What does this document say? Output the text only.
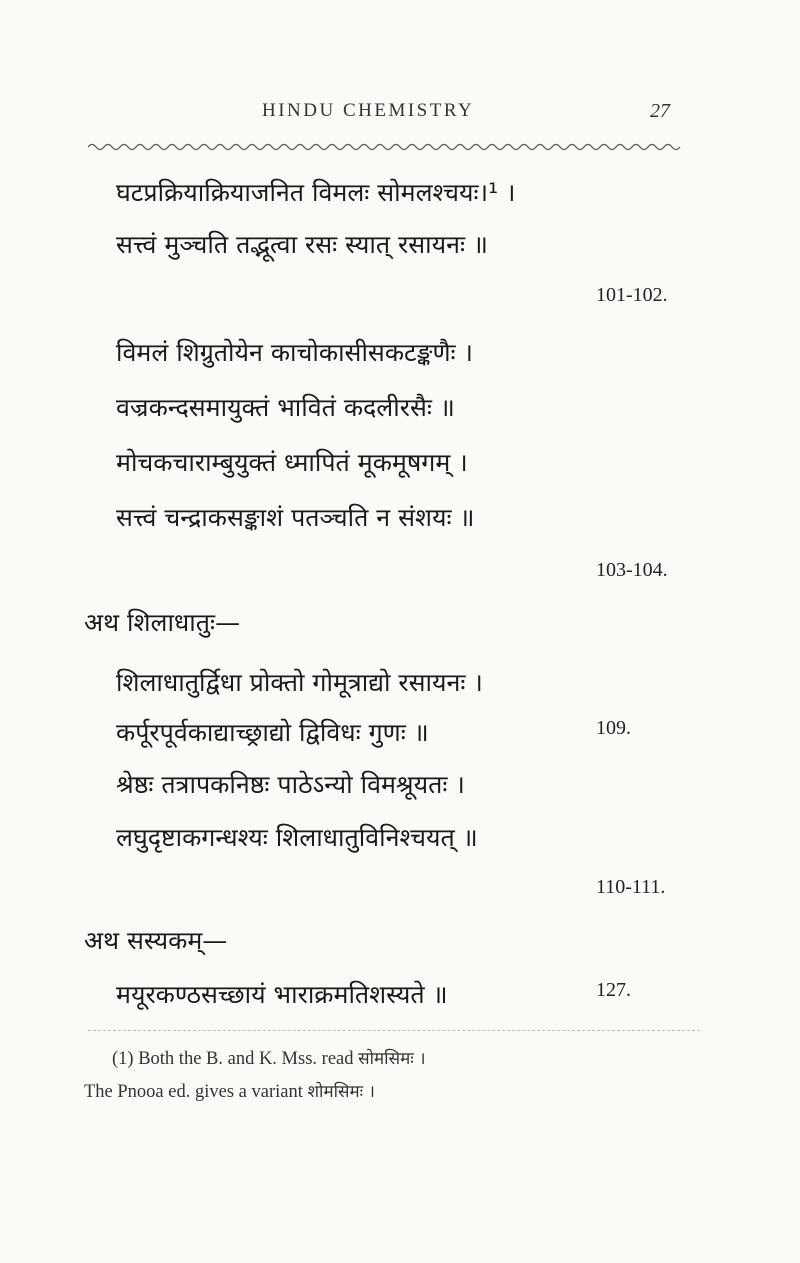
HINDU CHEMISTRY	27
घटप्रक्रियाक्रियाजनित विमलः सोमलश्चयः।¹ ।
सत्त्वं मुञ्चति तद्भूत्वा रसः स्यात् रसायनः ॥
101-102.
विमलं शिग्रुतोयेन काचोकासीसकटङ्कणैः ।
वज्रकन्दसमायुक्तं भावितं कदलीरसैः ॥
मोचकचाराम्बुयुक्तं ध्मापितं मूकमूषगम् ।
सत्त्वं चन्द्राकसङ्काशं पतञ्चति न संशयः ॥
103-104.
अथ शिलाधातुः—
शिलाधातुर्द्विधा प्रोक्तो गोमूत्राद्यो रसायनः ।
कर्पूरपूर्वकाद्याच्छ्राद्यो द्विविधः गुणः ॥	109.
श्रेष्ठः तत्रापकनिष्ठः पाठेऽन्यो विमश्रूयतः ।
लघुदृष्टाकगन्धश्यः शिलाधातुविनिश्चयत् ॥
110-111.
अथ सस्यकम्—
मयूरकण्ठसच्छायं भाराक्रमतिशस्यते ॥	127.
(1) Both the B. and K. Mss. read सोमसिमः ।
The Pnooa ed. gives a variant शोमसिमः ।
